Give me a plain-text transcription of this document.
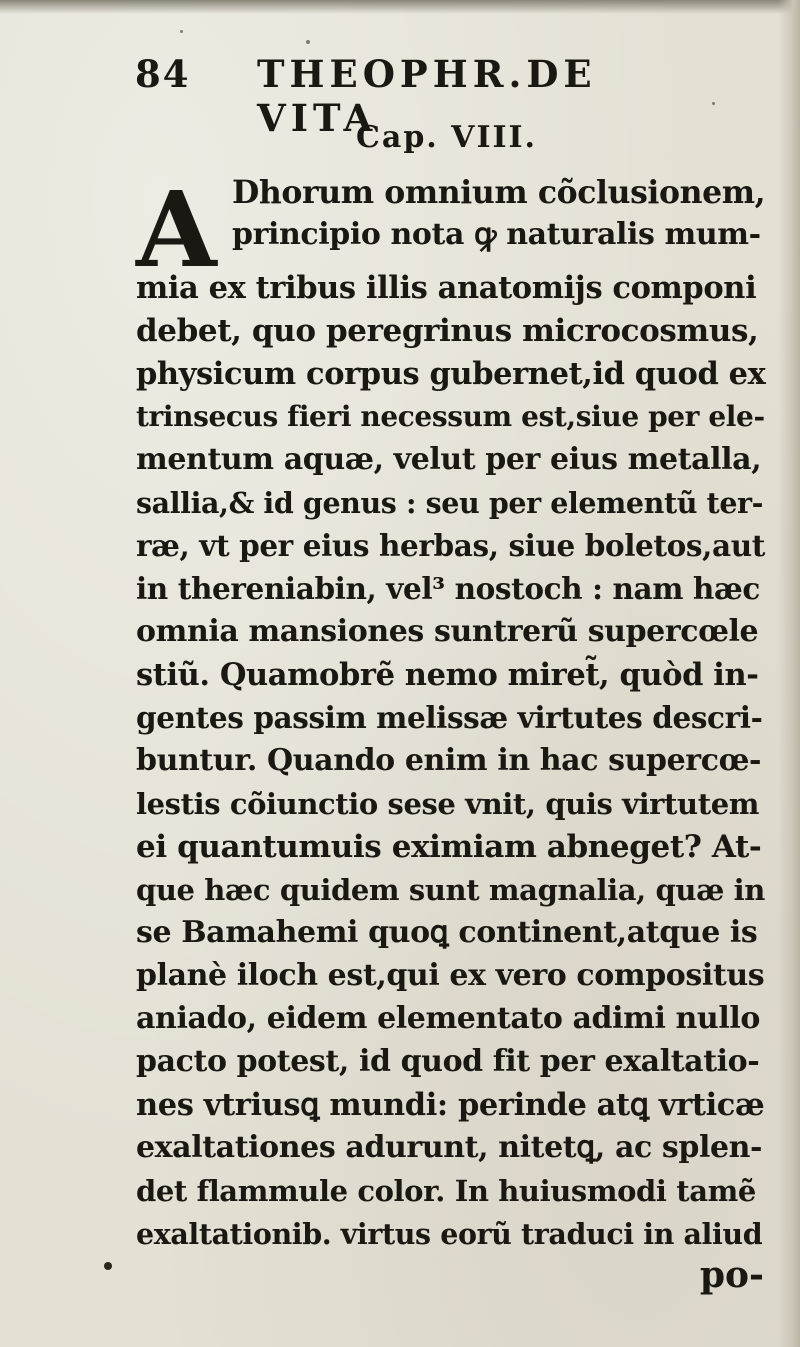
84 THEOPHR.DE VITA
Cap. VIII.
A Dhorum omnium cõclusionem,
principio nota ꝙ naturalis mum-
mia ex tribus illis anatomijs componi
debet, quo peregrinus microcosmus,
physicum corpus gubernet,id quod ex
trinsecus fieri necessum est,siue per ele-
mentum aquæ, velut per eius metalla,
sallia,& id genus : seu per elementũ ter-
ræ, vt per eius herbas, siue boletos,aut
in thereniabin, vel³ nostoch : nam hæc
omnia mansiones suntrerũ supercœle
stiũ. Quamobrẽ nemo miret̃, quòd in-
gentes passim melissæ virtutes descri-
buntur. Quando enim in hac supercœ-
lestis cõiunctio sese vnit, quis virtutem
ei quantumuis eximiam abneget? At-
que hæc quidem sunt magnalia, quæ in
se Bamahemi quoꝗ continent,atque is
planè iloch est,qui ex vero compositus
aniado, eidem elementato adimi nullo
pacto potest, id quod fit per exaltatio-
nes vtriusꝗ mundi: perinde atꝗ vrticæ
exaltationes adurunt, nitetꝗ, ac splen-
det flammule color. In huiusmodi tamẽ
exaltationib. virtus eorũ traduci in aliud
po-
